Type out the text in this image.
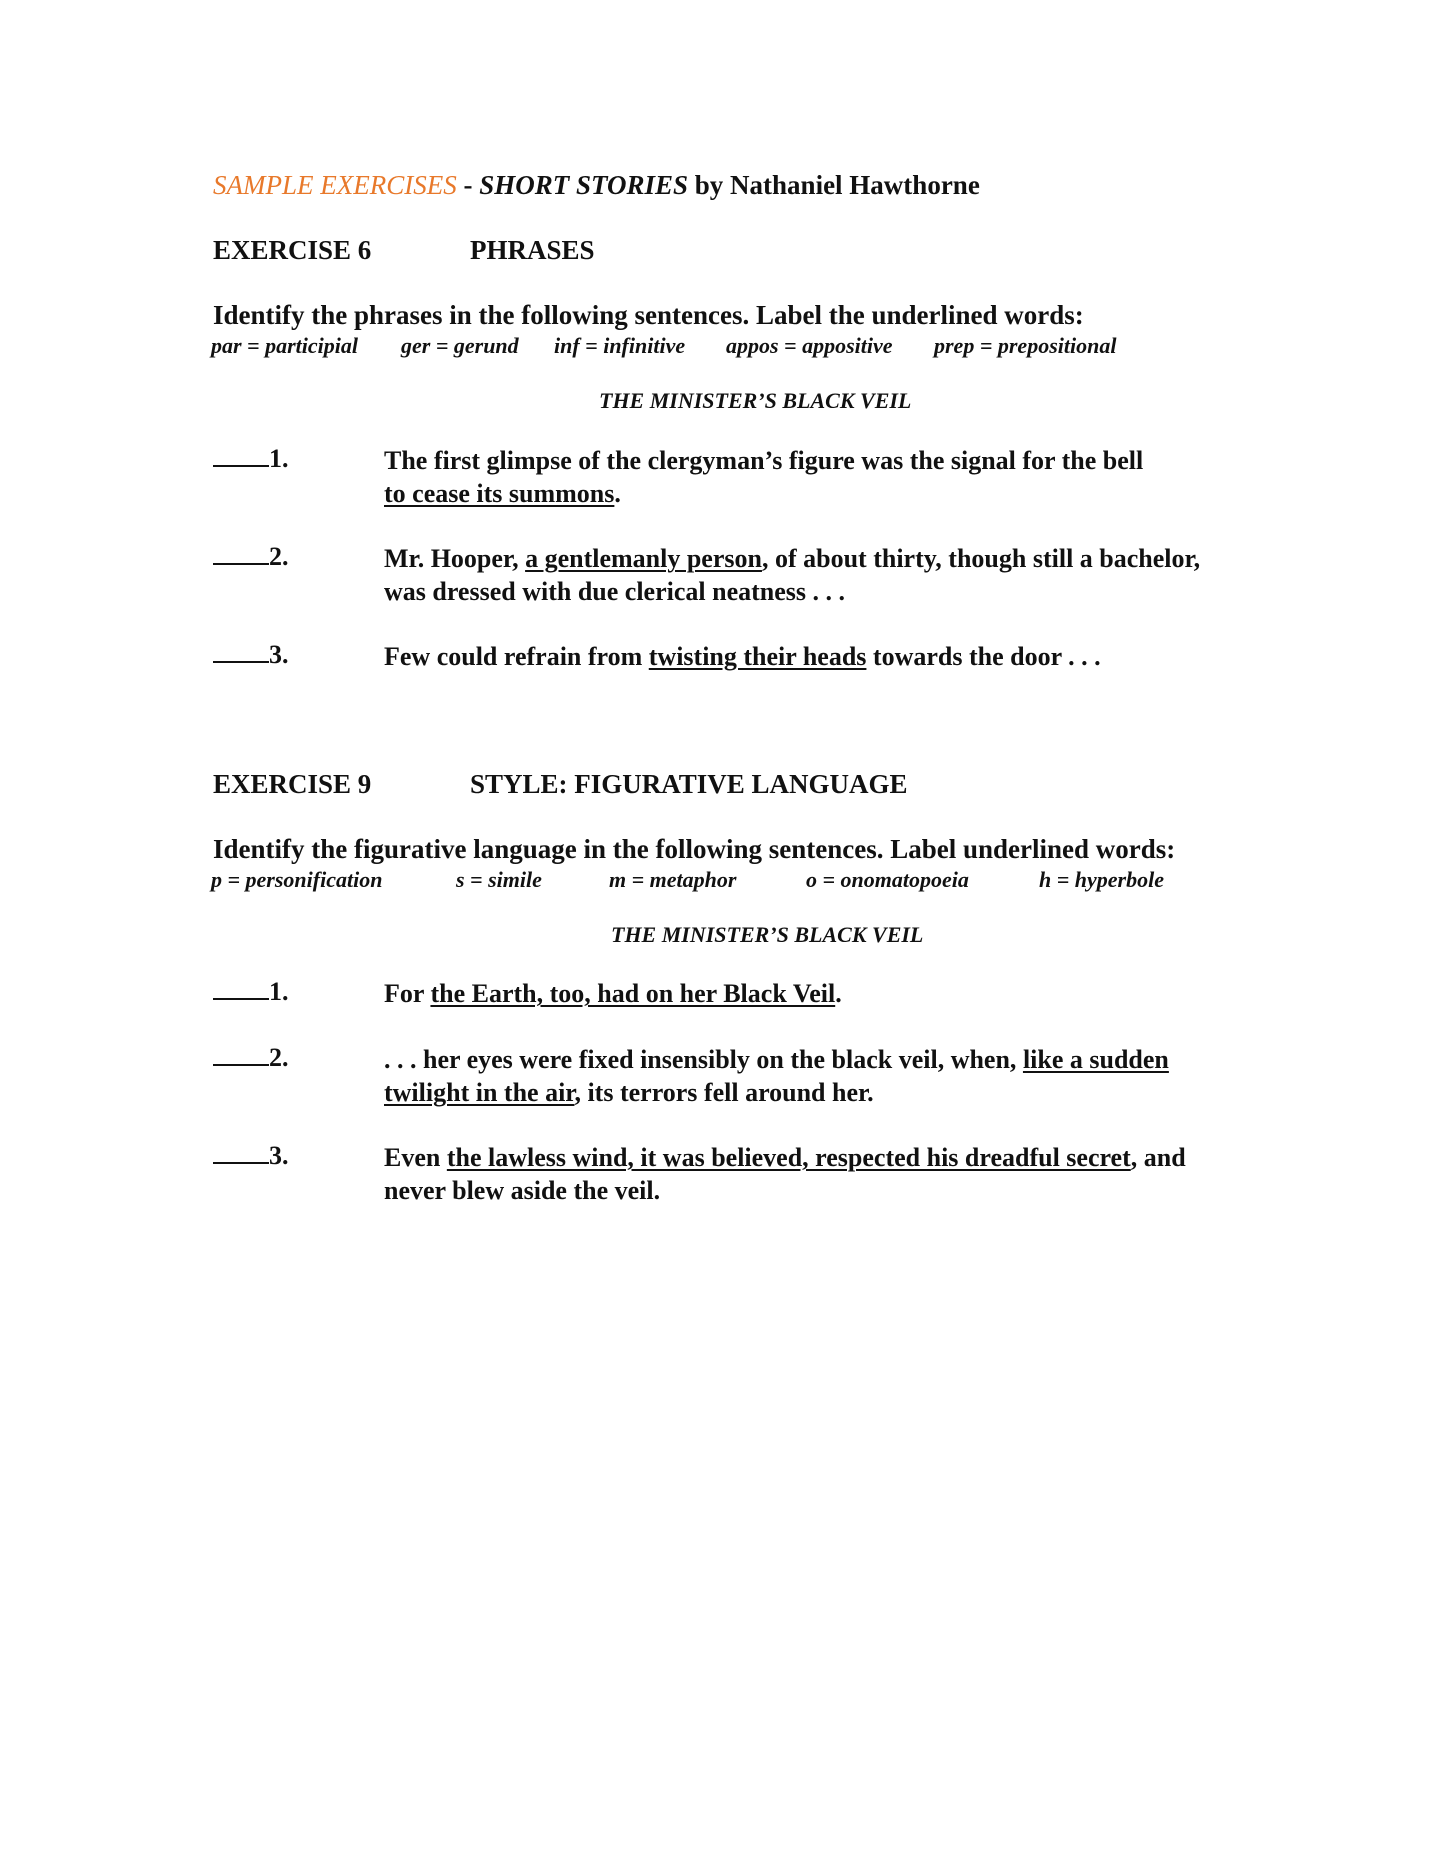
SAMPLE EXERCISES - SHORT STORIES by Nathaniel Hawthorne
EXERCISE 6	PHRASES
Identify the phrases in the following sentences. Label the underlined words:
par = participial ger = gerund inf = infinitive appos = appositive prep = prepositional
THE MINISTER’S BLACK VEIL
1.	The first glimpse of the clergyman’s figure was the signal for the bell
to cease its summons.
2.	Mr. Hooper, a gentlemanly person, of about thirty, though still a bachelor,
was dressed with due clerical neatness . . .
3.	Few could refrain from twisting their heads towards the door . . .
EXERCISE 9	STYLE: FIGURATIVE LANGUAGE
Identify the figurative language in the following sentences. Label underlined words:
p = personification	s = simile	m = metaphor	o = onomatopoeia	h = hyperbole
THE MINISTER’S BLACK VEIL
1.	For the Earth, too, had on her Black Veil.
2.	. . . her eyes were fixed insensibly on the black veil, when, like a sudden
twilight in the air, its terrors fell around her.
3.	Even the lawless wind, it was believed, respected his dreadful secret, and
never blew aside the veil.
